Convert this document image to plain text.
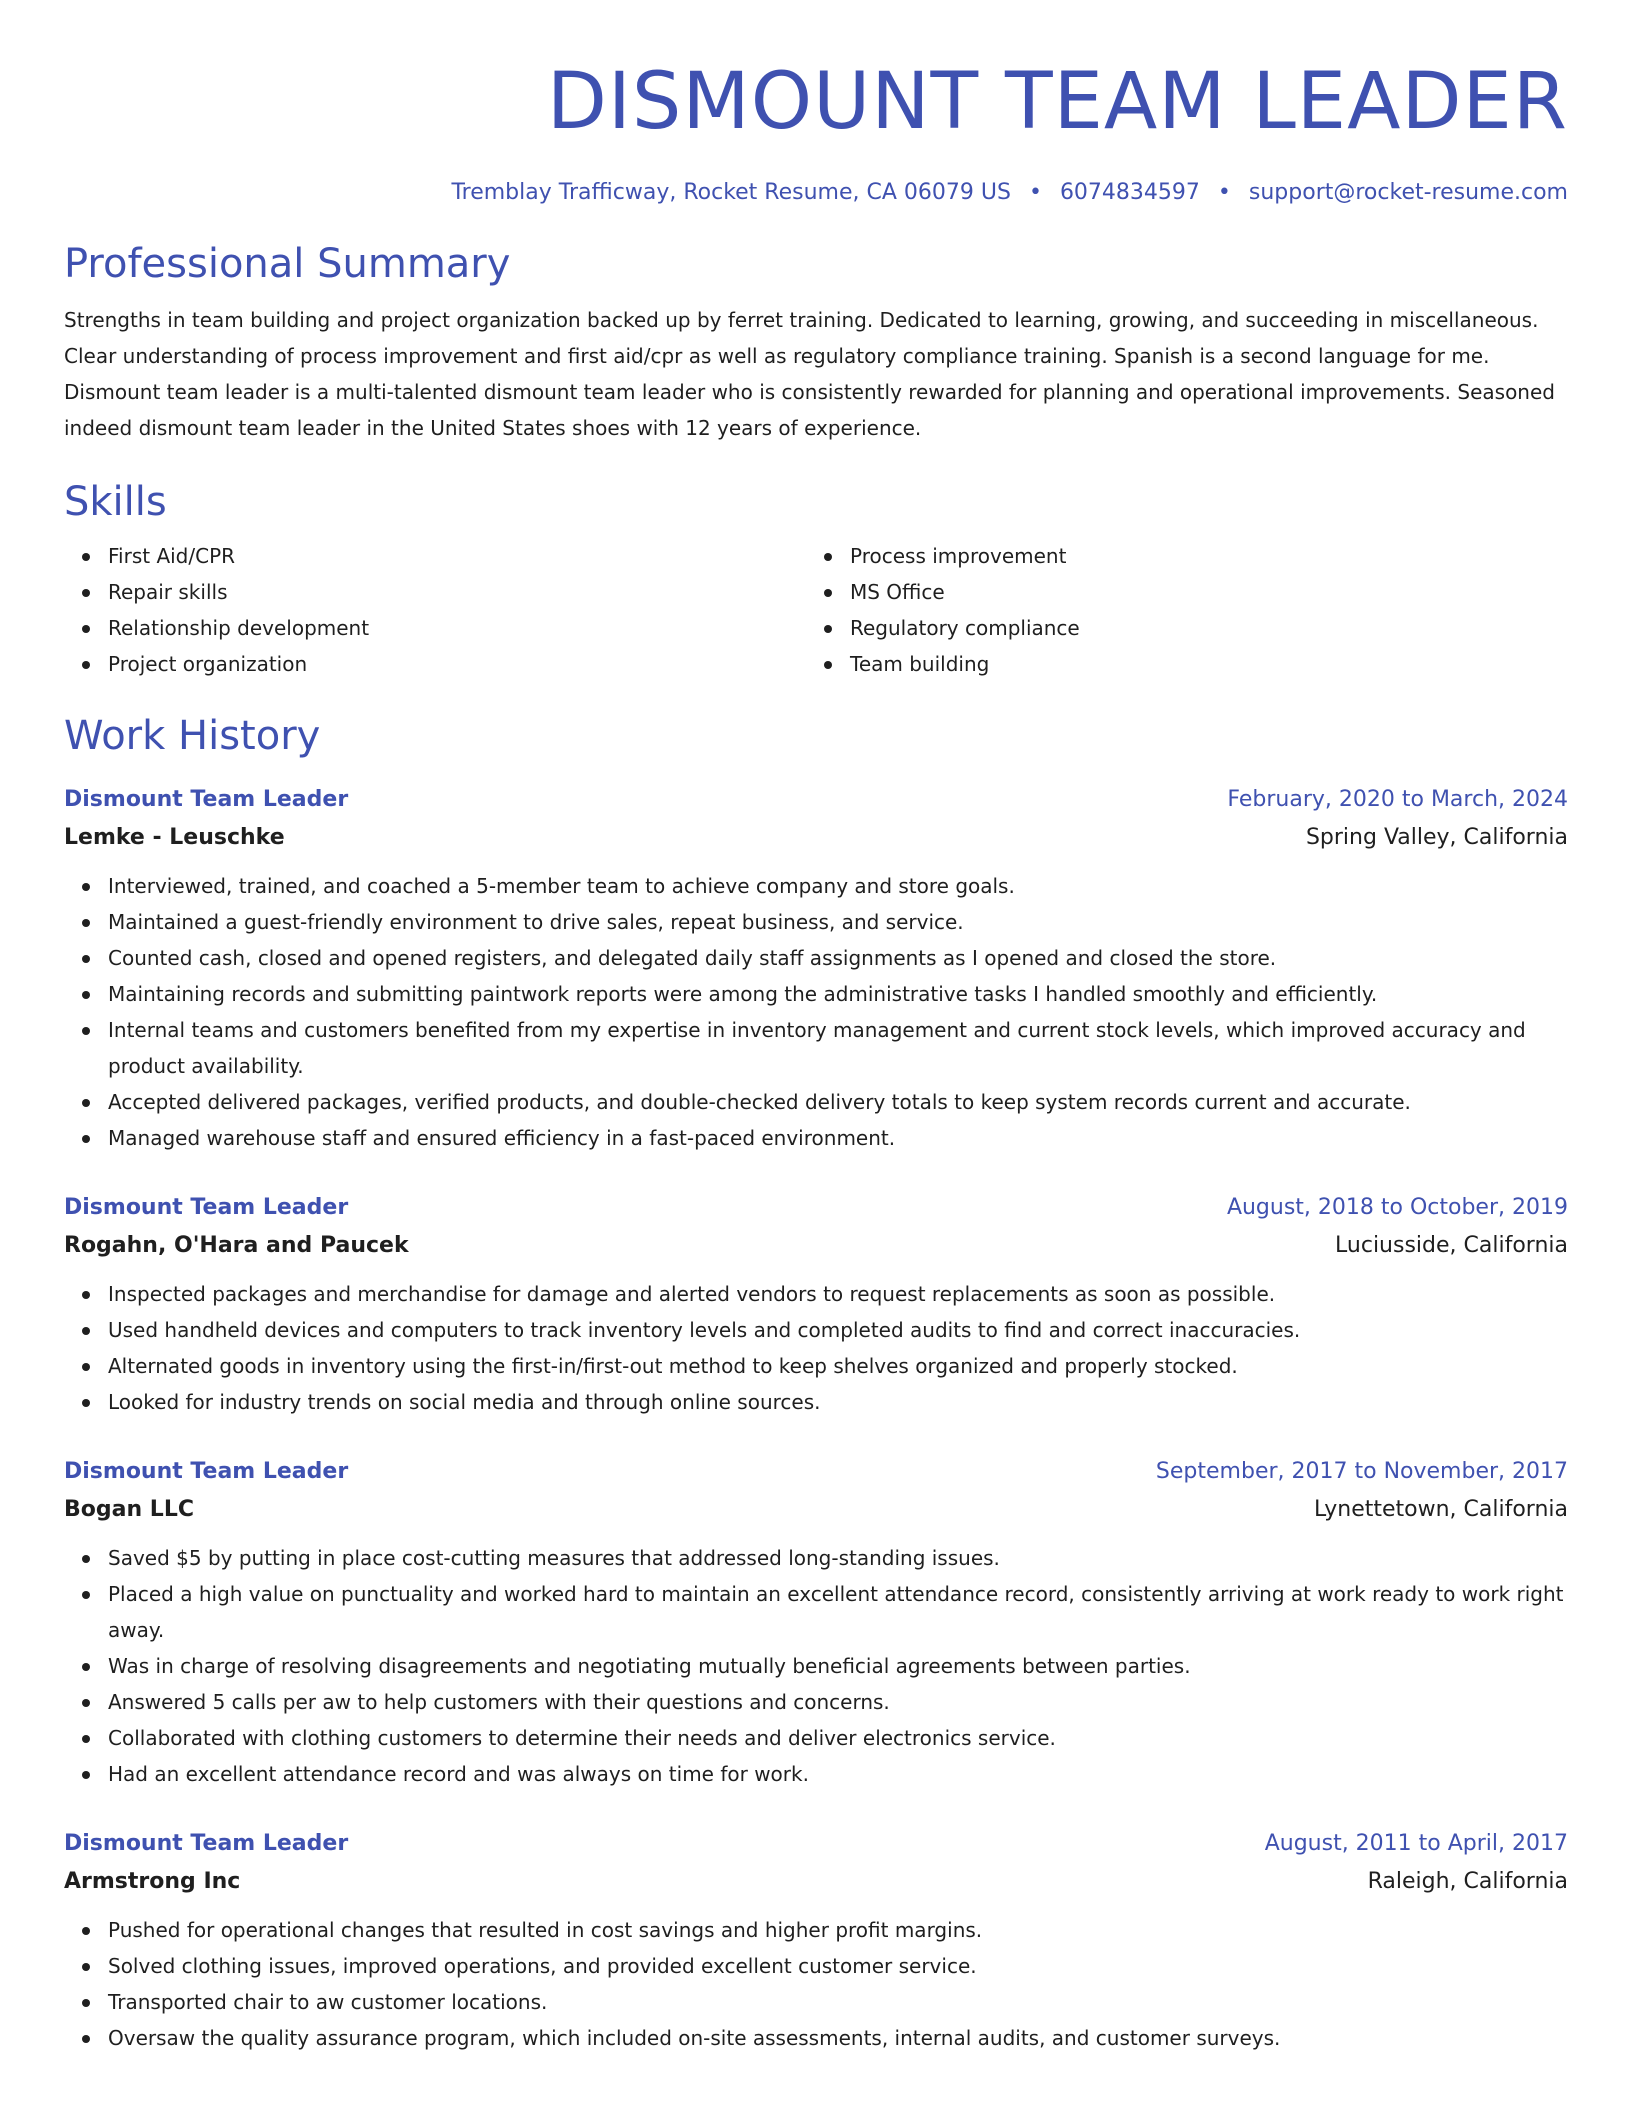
DISMOUNT TEAM LEADER
Tremblay Trafficway, Rocket Resume, CA 06079 US • 6074834597 • support@rocket-resume.com
Professional Summary

Strengths in team building and project organization backed up by ferret training. Dedicated to learning, growing, and succeeding in miscellaneous. Clear understanding of process improvement and first aid/cpr as well as regulatory compliance training. Spanish is a second language for me. Dismount team leader is a multi-talented dismount team leader who is consistently rewarded for planning and operational improvements. Seasoned indeed dismount team leader in the United States shoes with 12 years of experience.

Skills
First Aid/CPR
Repair skills
Relationship development
Project organization
Process improvement
MS Office
Regulatory compliance
Team building
Work History
Dismount Team Leader	February, 2020 to March, 2024
Lemke - Leuschke	Spring Valley, California
Interviewed, trained, and coached a 5-member team to achieve company and store goals.
Maintained a guest-friendly environment to drive sales, repeat business, and service.
Counted cash, closed and opened registers, and delegated daily staff assignments as I opened and closed the store.
Maintaining records and submitting paintwork reports were among the administrative tasks I handled smoothly and efficiently.
Internal teams and customers benefited from my expertise in inventory management and current stock levels, which improved accuracy and product availability.
Accepted delivered packages, verified products, and double-checked delivery totals to keep system records current and accurate.
Managed warehouse staff and ensured efficiency in a fast-paced environment.
Dismount Team Leader	August, 2018 to October, 2019
Rogahn, O'Hara and Paucek	Luciusside, California
Inspected packages and merchandise for damage and alerted vendors to request replacements as soon as possible.
Used handheld devices and computers to track inventory levels and completed audits to find and correct inaccuracies.
Alternated goods in inventory using the first-in/first-out method to keep shelves organized and properly stocked.
Looked for industry trends on social media and through online sources.
Dismount Team Leader	September, 2017 to November, 2017
Bogan LLC	Lynettetown, California
Saved $5 by putting in place cost-cutting measures that addressed long-standing issues.
Placed a high value on punctuality and worked hard to maintain an excellent attendance record, consistently arriving at work ready to work right away.
Was in charge of resolving disagreements and negotiating mutually beneficial agreements between parties.
Answered 5 calls per aw to help customers with their questions and concerns.
Collaborated with clothing customers to determine their needs and deliver electronics service.
Had an excellent attendance record and was always on time for work.
Dismount Team Leader	August, 2011 to April, 2017
Armstrong Inc	Raleigh, California
Pushed for operational changes that resulted in cost savings and higher profit margins.
Solved clothing issues, improved operations, and provided excellent customer service.
Transported chair to aw customer locations.
Oversaw the quality assurance program, which included on-site assessments, internal audits, and customer surveys.
